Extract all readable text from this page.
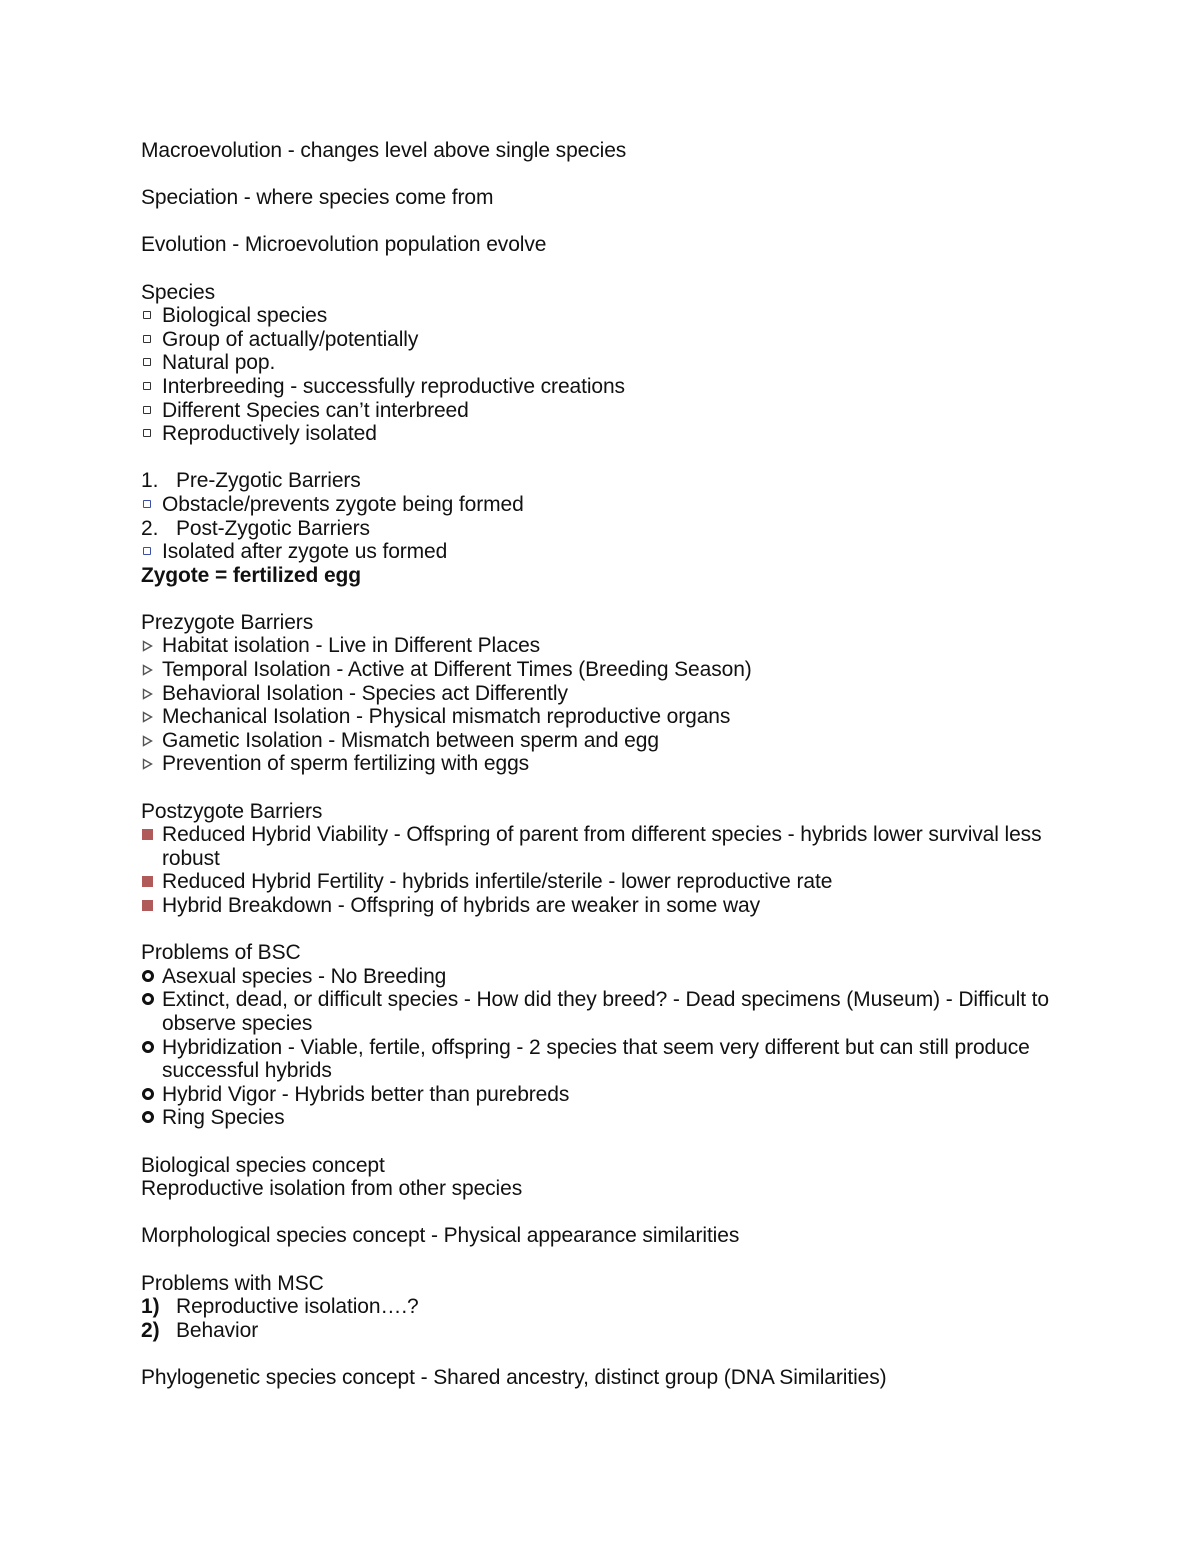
Macroevolution - changes level above single species
Speciation - where species come from
Evolution - Microevolution population evolve
Species
Biological species
Group of actually/potentially
Natural pop.
Interbreeding - successfully reproductive creations
Different Species can’t interbreed
Reproductively isolated
1. Pre-Zygotic Barriers
Obstacle/prevents zygote being formed
2. Post-Zygotic Barriers
Isolated after zygote us formed
Zygote = fertilized egg
Prezygote Barriers
Habitat isolation - Live in Different Places
Temporal Isolation - Active at Different Times (Breeding Season)
Behavioral Isolation - Species act Differently
Mechanical Isolation - Physical mismatch reproductive organs
Gametic Isolation - Mismatch between sperm and egg
Prevention of sperm fertilizing with eggs
Postzygote Barriers
Reduced Hybrid Viability - Offspring of parent from different species - hybrids lower survival less robust
Reduced Hybrid Fertility - hybrids infertile/sterile - lower reproductive rate
Hybrid Breakdown - Offspring of hybrids are weaker in some way
Problems of BSC
Asexual species - No Breeding
Extinct, dead, or difficult species - How did they breed? - Dead specimens (Museum) - Difficult to observe species
Hybridization - Viable, fertile, offspring - 2 species that seem very different but can still produce successful hybrids
Hybrid Vigor - Hybrids better than purebreds
Ring Species
Biological species concept
Reproductive isolation from other species
Morphological species concept - Physical appearance similarities
Problems with MSC
1) Reproductive isolation….?
2) Behavior
Phylogenetic species concept - Shared ancestry, distinct group (DNA Similarities)
